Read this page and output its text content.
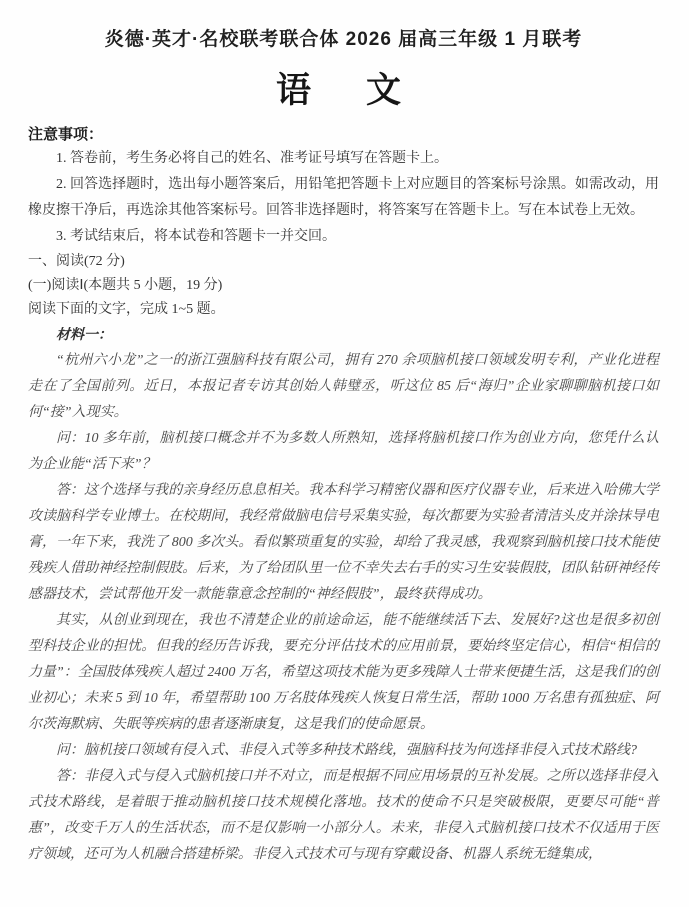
炎德·英才·名校联考联合体 2026 届高三年级 1 月联考
语　文
注意事项：

1. 答卷前，考生务必将自己的姓名、准考证号填写在答题卡上。

2. 回答选择题时，选出每小题答案后，用铅笔把答题卡上对应题目的答案标号涂黑。如需改动，用橡皮擦干净后，再选涂其他答案标号。回答非选择题时，将答案写在答题卡上。写在本试卷上无效。

3. 考试结束后，将本试卷和答题卡一并交回。

一、阅读(72 分)

(一)阅读Ⅰ(本题共 5 小题，19 分)

阅读下面的文字，完成 1~5 题。

材料一：

“杭州六小龙”之一的浙江强脑科技有限公司，拥有 270 余项脑机接口领域发明专利，产业化进程走在了全国前列。近日，本报记者专访其创始人韩璧丞，听这位 85 后“海归”企业家聊聊脑机接口如何“接”入现实。

问：10 多年前，脑机接口概念并不为多数人所熟知，选择将脑机接口作为创业方向，您凭什么认为企业能“活下来”？

答：这个选择与我的亲身经历息息相关。我本科学习精密仪器和医疗仪器专业，后来进入哈佛大学攻读脑科学专业博士。在校期间，我经常做脑电信号采集实验，每次都要为实验者清洁头皮并涂抹导电膏，一年下来，我洗了 800 多次头。看似繁琐重复的实验，却给了我灵感，我观察到脑机接口技术能使残疾人借助神经控制假肢。后来，为了给团队里一位不幸失去右手的实习生安装假肢，团队钻研神经传感器技术，尝试帮他开发一款能靠意念控制的“神经假肢”，最终获得成功。

其实，从创业到现在，我也不清楚企业的前途命运，能不能继续活下去、发展好?这也是很多初创型科技企业的担忧。但我的经历告诉我，要充分评估技术的应用前景，要始终坚定信心，相信“相信的力量”：全国肢体残疾人超过 2400 万名，希望这项技术能为更多残障人士带来便捷生活，这是我们的创业初心；未来 5 到 10 年，希望帮助 100 万名肢体残疾人恢复日常生活，帮助 1000 万名患有孤独症、阿尔茨海默病、失眠等疾病的患者逐渐康复，这是我们的使命愿景。

问：脑机接口领域有侵入式、非侵入式等多种技术路线，强脑科技为何选择非侵入式技术路线?

答：非侵入式与侵入式脑机接口并不对立，而是根据不同应用场景的互补发展。之所以选择非侵入式技术路线，是着眼于推动脑机接口技术规模化落地。技术的使命不只是突破极限，更要尽可能“普惠”，改变千万人的生活状态，而不是仅影响一小部分人。未来，非侵入式脑机接口技术不仅适用于医疗领域，还可为人机融合搭建桥梁。非侵入式技术可与现有穿戴设备、机器人系统无缝集成，
